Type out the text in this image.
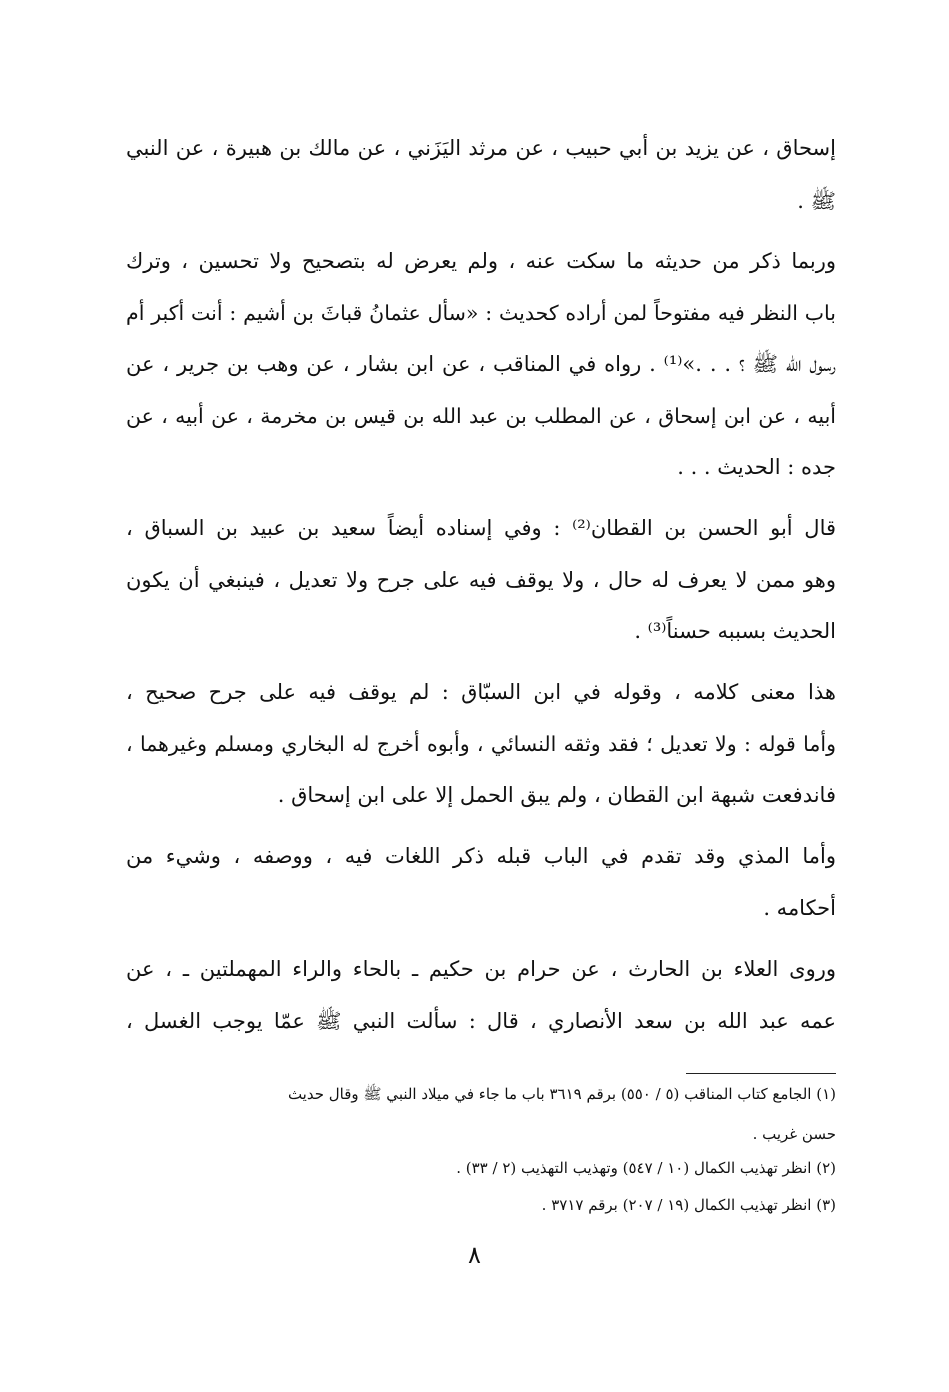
إسحاق ، عن يزيد بن أبي حبيب ، عن مرثد اليَزَني ، عن مالك بن هبيرة ، عن النبي
ﷺ .
وربما ذكر من حديثه ما سكت عنه ، ولم يعرض له بتصحيح ولا تحسين ، وترك
باب النظر فيه مفتوحاً لمن أراده كحديث : «سأل عثمانُ قباثَ بن أشيم : أنت أكبر أم
رسول الله ﷺ ؟ . . .»⁽¹⁾ . رواه في المناقب ، عن ابن بشار ، عن وهب بن جرير ، عن
أبيه ، عن ابن إسحاق ، عن المطلب بن عبد الله بن قيس بن مخرمة ، عن أبيه ، عن
جده : الحديث . . .
قال أبو الحسن بن القطان⁽²⁾ : وفي إسناده أيضاً سعيد بن عبيد بن السباق ،
وهو ممن لا يعرف له حال ، ولا يوقف فيه على جرح ولا تعديل ، فينبغي أن يكون
الحديث بسببه حسناً⁽³⁾ .
هذا معنى كلامه ، وقوله في ابن السبّاق : لم يوقف فيه على جرح صحيح ،
وأما قوله : ولا تعديل ؛ فقد وثقه النسائي ، وأبوه أخرج له البخاري ومسلم وغيرهما ،
فاندفعت شبهة ابن القطان ، ولم يبق الحمل إلا على ابن إسحاق .
وأما المذي وقد تقدم في الباب قبله ذكر اللغات فيه ، ووصفه ، وشيء من
أحكامه .
وروى العلاء بن الحارث ، عن حرام بن حكيم ـ بالحاء والراء المهملتين ـ ، عن
عمه عبد الله بن سعد الأنصاري ، قال : سألت النبي ﷺ عمّا يوجب الغسل ،
(١) الجامع كتاب المناقب (٥ / ٥٥٠) برقم ٣٦١٩ باب ما جاء في ميلاد النبي ﷺ وقال حديث
حسن غريب .
(٢) انظر تهذيب الكمال (١٠ / ٥٤٧) وتهذيب التهذيب (٢ / ٣٣) .
(٣) انظر تهذيب الكمال (١٩ / ٢٠٧) برقم ٣٧١٧ .
٨
